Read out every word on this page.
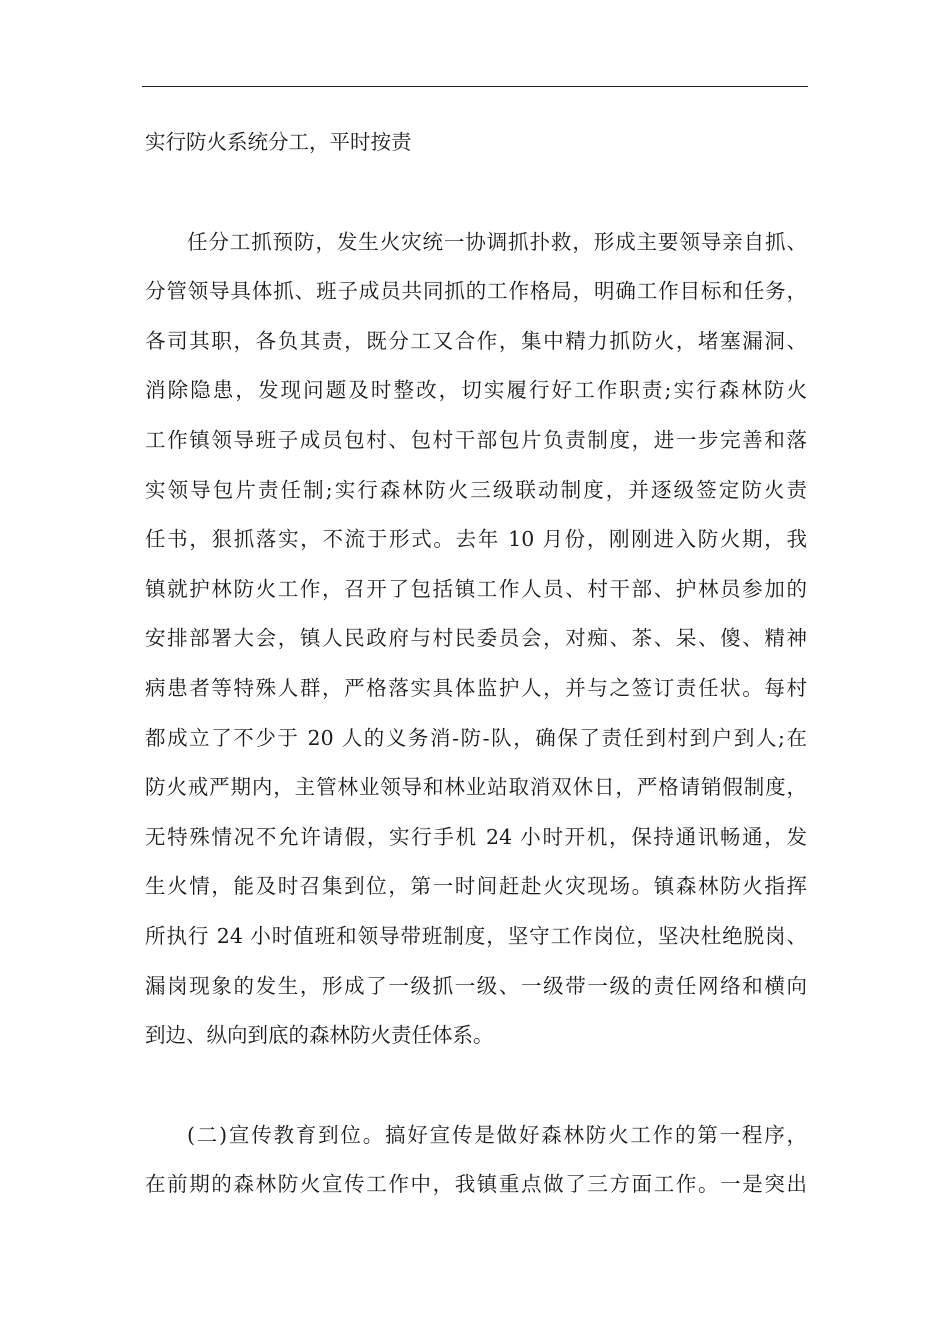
实行防火系统分工，平时按责
任分工抓预防，发生火灾统一协调抓扑救，形成主要领导亲自抓、
分管领导具体抓、班子成员共同抓的工作格局，明确工作目标和任务，
各司其职，各负其责，既分工又合作，集中精力抓防火，堵塞漏洞、
消除隐患，发现问题及时整改，切实履行好工作职责;实行森林防火
工作镇领导班子成员包村、包村干部包片负责制度，进一步完善和落
实领导包片责任制;实行森林防火三级联动制度，并逐级签定防火责
任书，狠抓落实，不流于形式。去年 10 月份，刚刚进入防火期，我
镇就护林防火工作，召开了包括镇工作人员、村干部、护林员参加的
安排部署大会，镇人民政府与村民委员会，对痴、茶、呆、傻、精神
病患者等特殊人群，严格落实具体监护人，并与之签订责任状。每村
都成立了不少于 20 人的义务消-防-队，确保了责任到村到户到人;在
防火戒严期内，主管林业领导和林业站取消双休日，严格请销假制度，
无特殊情况不允许请假，实行手机 24 小时开机，保持通讯畅通，发
生火情，能及时召集到位，第一时间赶赴火灾现场。镇森林防火指挥
所执行 24 小时值班和领导带班制度，坚守工作岗位，坚决杜绝脱岗、
漏岗现象的发生，形成了一级抓一级、一级带一级的责任网络和横向
到边、纵向到底的森林防火责任体系。
(二)宣传教育到位。搞好宣传是做好森林防火工作的第一程序，
在前期的森林防火宣传工作中，我镇重点做了三方面工作。一是突出
